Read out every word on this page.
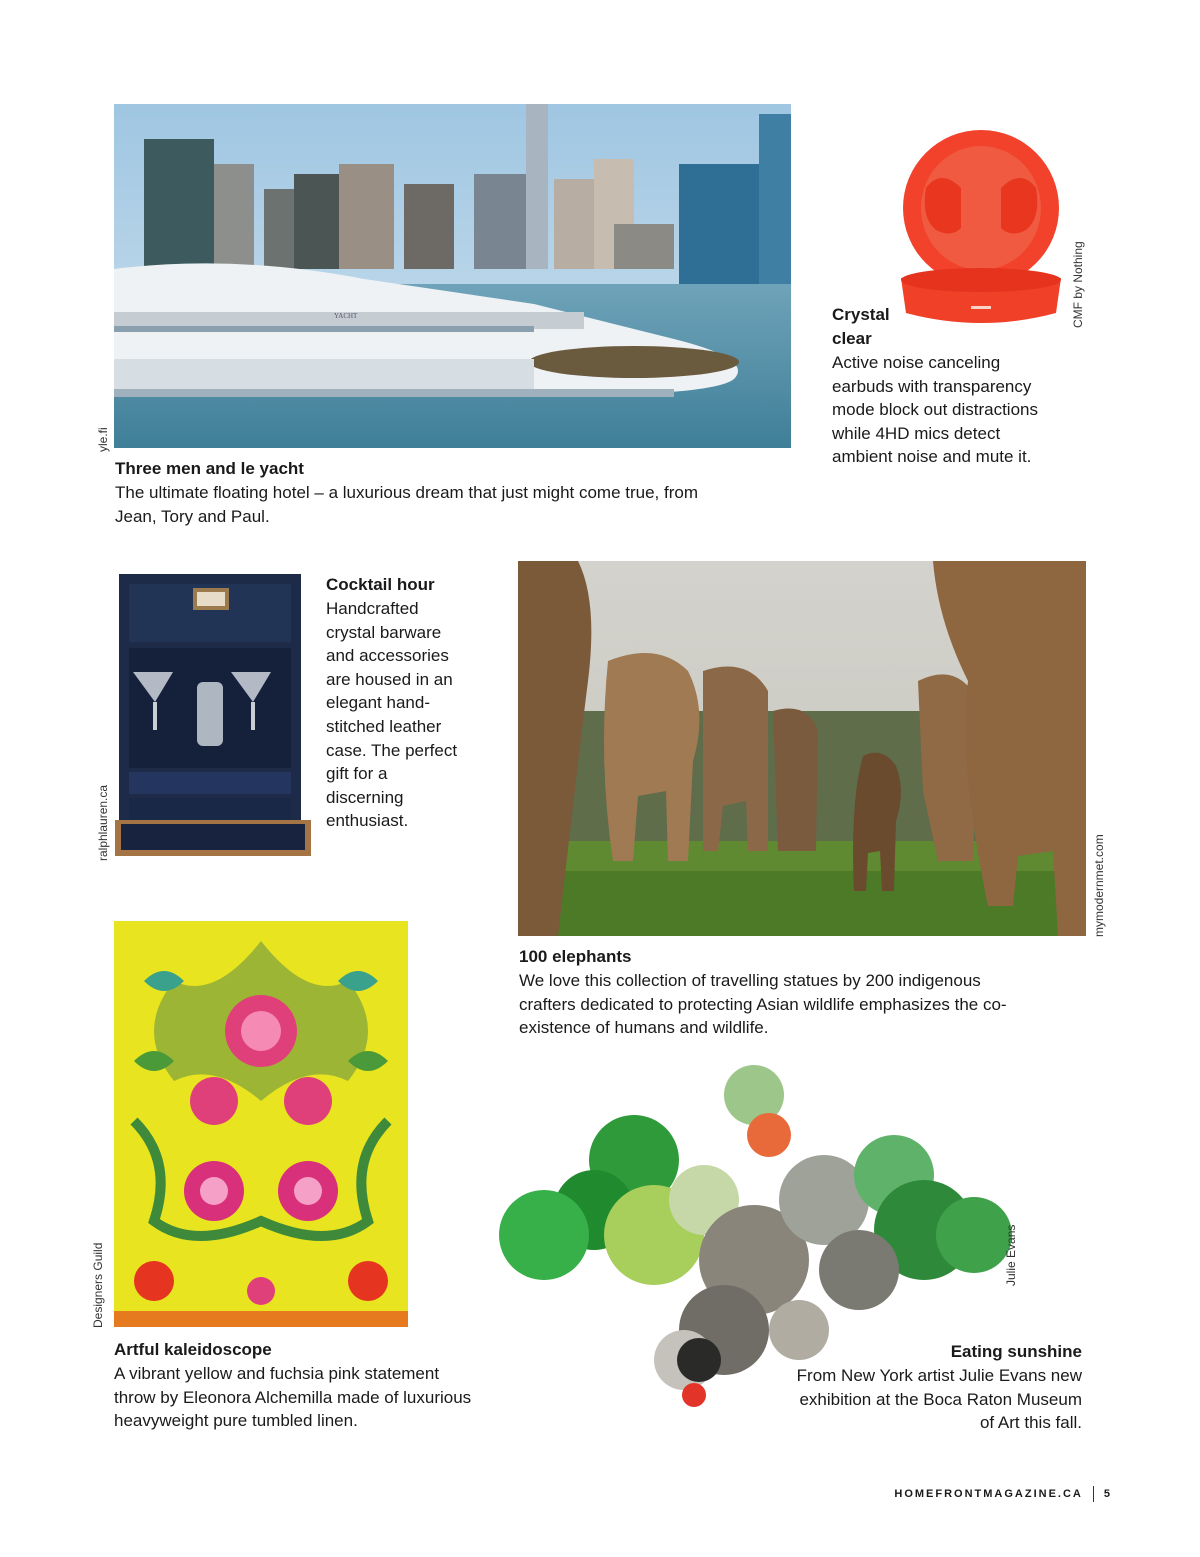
YACHT
yle.fi
Three men and le yacht
The ultimate floating hotel – a luxurious dream that just might come true, from Jean, Tory and Paul.
CMF by Nothing
Crystal clear
Active noise canceling earbuds with transparency mode block out distractions while 4HD mics detect ambient noise and mute it.
ralphlauren.ca
Cocktail hour
Handcrafted crystal barware and accessories are housed in an elegant hand-stitched leather case. The perfect gift for a discerning enthusiast.
mymodernmet.com
100 elephants
We love this collection of travelling statues by 200 indigenous crafters dedicated to protecting Asian wildlife emphasizes the co-existence of humans and wildlife.
Designers Guild
Artful kaleidoscope
A vibrant yellow and fuchsia pink statement throw by Eleonora Alchemilla made of luxurious heavyweight pure tumbled linen.
Julie Evans
Eating sunshine
From New York artist Julie Evans new exhibition at the Boca Raton Museum of Art this fall.
HOMEFRONTMAGAZINE.CA 5
